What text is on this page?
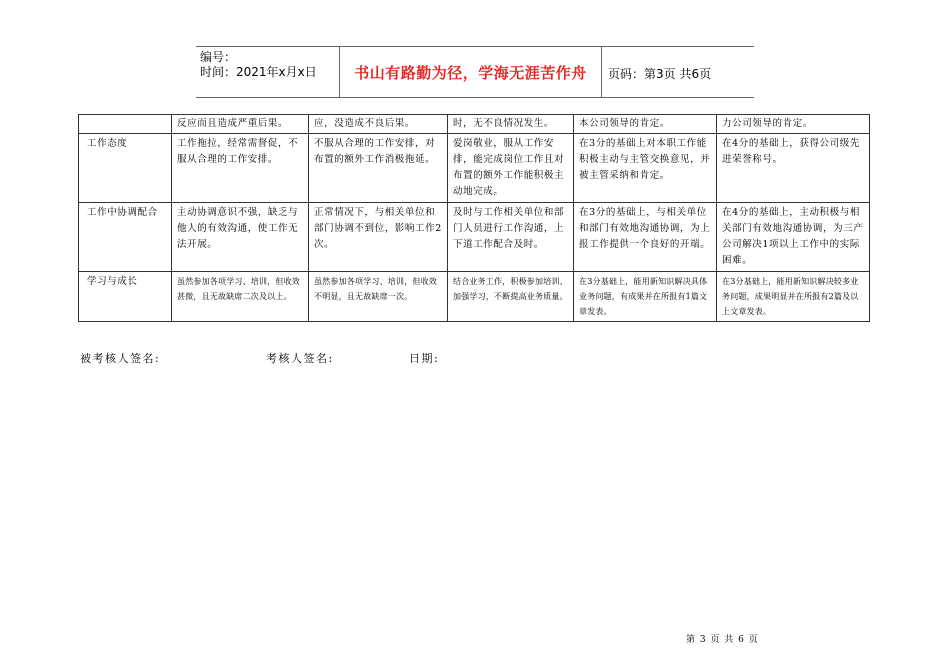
编号：
时间：2021年x月x日	书山有路勤为径，学海无涯苦作舟	页码：第3页 共6页
	反应而且造成严重后果。	应，没造成不良后果。	时，无不良情况发生。	本公司领导的肯定。	力公司领导的肯定。
工作态度	工作拖拉，经常需督促，不服从合理的工作安排。	不服从合理的工作安排，对布置的额外工作消极拖延。	爱岗敬业，服从工作安排，能完成岗位工作且对布置的额外工作能积极主动地完成。	在3分的基础上对本职工作能积极主动与主管交换意见，并被主管采纳和肯定。	在4分的基础上，获得公司级先进荣誉称号。
工作中协调配合	主动协调意识不强，缺乏与他人的有效沟通，使工作无法开展。	正常情况下，与相关单位和部门协调不到位，影响工作2次。	及时与工作相关单位和部门人员进行工作沟通，上下道工作配合及时。	在3分的基础上，与相关单位和部门有效地沟通协调，为上报工作提供一个良好的开端。	在4分的基础上，主动积极与相关部门有效地沟通协调，为三产公司解决1项以上工作中的实际困难。
学习与成长	虽然参加各项学习、培训，但收效甚微，且无故缺席二次及以上。	虽然参加各项学习、培训，但收效不明显，且无故缺席一次。	结合业务工作，积极参加培训、加强学习，不断提高业务质量。	在3分基础上，能用新知识解决具体业务问题，有成果并在所报有1篇文章发表。	在3分基础上，能用新知识解决较多业务问题，成果明显并在所报有2篇及以上文章发表。
被考核人签名:	考核人签名:	日期:
第 3 页 共 6 页
